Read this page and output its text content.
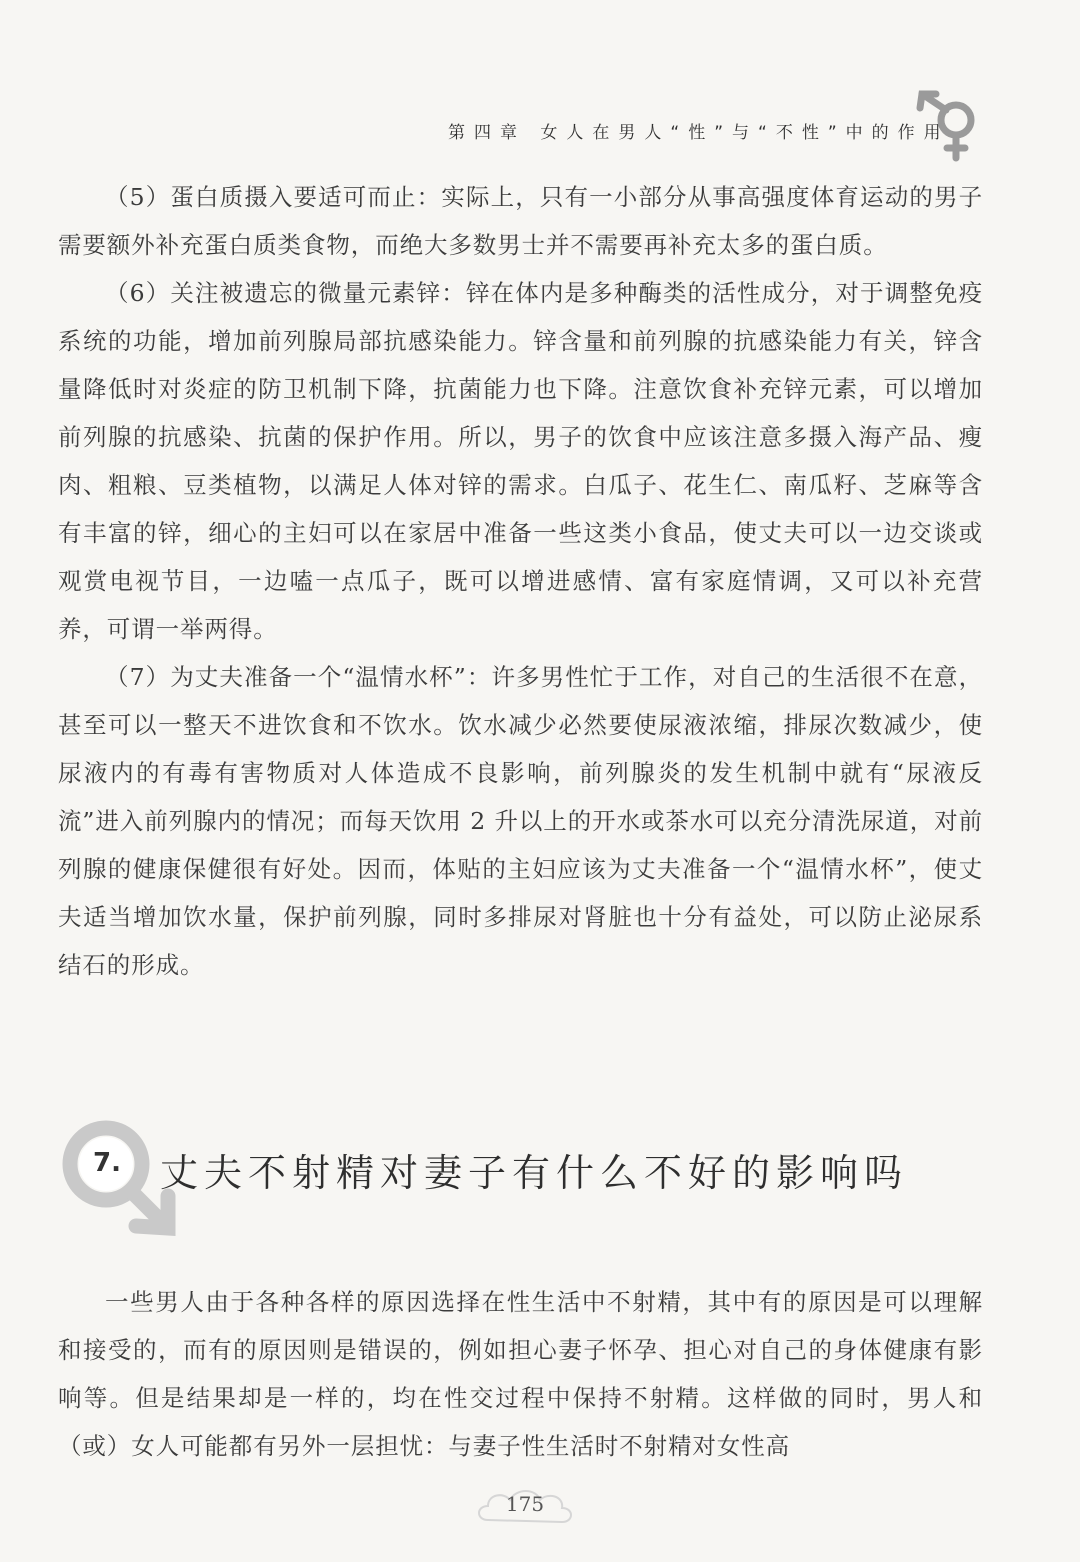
第四章 女人在男人“性”与“不性”中的作用

（5）蛋白质摄入要适可而止：实际上，只有一小部分从事高强度体育运动的男子需要额外补充蛋白质类食物，而绝大多数男士并不需要再补充太多的蛋白质。

（6）关注被遗忘的微量元素锌：锌在体内是多种酶类的活性成分，对于调整免疫系统的功能，增加前列腺局部抗感染能力。锌含量和前列腺的抗感染能力有关，锌含量降低时对炎症的防卫机制下降，抗菌能力也下降。注意饮食补充锌元素，可以增加前列腺的抗感染、抗菌的保护作用。所以，男子的饮食中应该注意多摄入海产品、瘦肉、粗粮、豆类植物，以满足人体对锌的需求。白瓜子、花生仁、南瓜籽、芝麻等含有丰富的锌，细心的主妇可以在家居中准备一些这类小食品，使丈夫可以一边交谈或观赏电视节目，一边嗑一点瓜子，既可以增进感情、富有家庭情调，又可以补充营养，可谓一举两得。

（7）为丈夫准备一个“温情水杯”：许多男性忙于工作，对自己的生活很不在意，甚至可以一整天不进饮食和不饮水。饮水减少必然要使尿液浓缩，排尿次数减少，使尿液内的有毒有害物质对人体造成不良影响，前列腺炎的发生机制中就有“尿液反流”进入前列腺内的情况；而每天饮用 2 升以上的开水或茶水可以充分清洗尿道，对前列腺的健康保健很有好处。因而，体贴的主妇应该为丈夫准备一个“温情水杯”，使丈夫适当增加饮水量，保护前列腺，同时多排尿对肾脏也十分有益处，可以防止泌尿系结石的形成。

7. 丈夫不射精对妻子有什么不好的影响吗

一些男人由于各种各样的原因选择在性生活中不射精，其中有的原因是可以理解和接受的，而有的原因则是错误的，例如担心妻子怀孕、担心对自己的身体健康有影响等。但是结果却是一样的，均在性交过程中保持不射精。这样做的同时，男人和（或）女人可能都有另外一层担忧：与妻子性生活时不射精对女性高

175
